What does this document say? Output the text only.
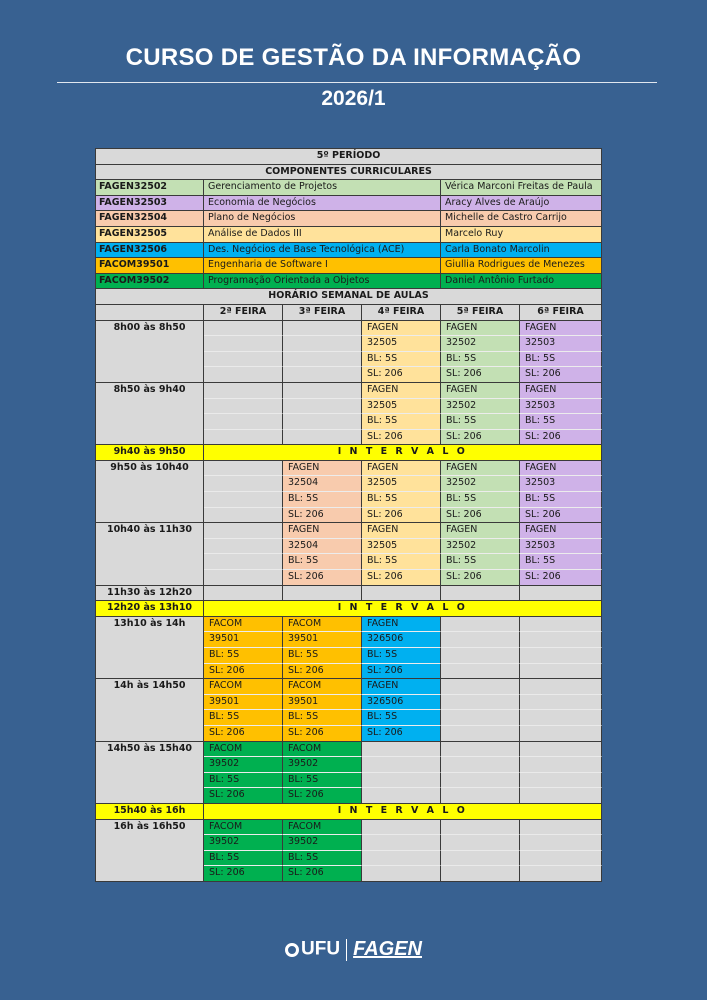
CURSO DE GESTÃO DA INFORMAÇÃO
2026/1
5º PERÍODO					
COMPONENTES CURRICULARES					
FAGEN32502	Gerenciamento de Projetos			Vérica Marconi Freitas de Paula	
FAGEN32503	Economia de Negócios			Aracy Alves de Araújo	
FAGEN32504	Plano de Negócios			Michelle de Castro Carrijo	
FAGEN32505	Análise de Dados III			Marcelo Ruy	
FAGEN32506	Des. Negócios de Base Tecnológica (ACE)			Carla Bonato Marcolin	
FACOM39501	Engenharia de Software I			Giullia Rodrigues de Menezes	
FACOM39502	Programação Orientada a Objetos			Daniel Antônio Furtado	
HORÁRIO SEMANAL DE AULAS					
	2ª FEIRA	3ª FEIRA	4ª FEIRA	5ª FEIRA	6ª FEIRA
8h00 às 8h50			FAGEN	FAGEN	FAGEN
			32505	32502	32503
			BL: 5S	BL: 5S	BL: 5S
			SL: 206	SL: 206	SL: 206
8h50 às 9h40			FAGEN	FAGEN	FAGEN
			32505	32502	32503
			BL: 5S	BL: 5S	BL: 5S
			SL: 206	SL: 206	SL: 206
9h40 às 9h50	I N T E R V A L O				
9h50 às 10h40		FAGEN	FAGEN	FAGEN	FAGEN
		32504	32505	32502	32503
		BL: 5S	BL: 5S	BL: 5S	BL: 5S
		SL: 206	SL: 206	SL: 206	SL: 206
10h40 às 11h30		FAGEN	FAGEN	FAGEN	FAGEN
		32504	32505	32502	32503
		BL: 5S	BL: 5S	BL: 5S	BL: 5S
		SL: 206	SL: 206	SL: 206	SL: 206
11h30 às 12h20					
12h20 às 13h10	I N T E R V A L O				
13h10 às 14h	FACOM	FACOM	FAGEN		
	39501	39501	326506		
	BL: 5S	BL: 5S	BL: 5S		
	SL: 206	SL: 206	SL: 206		
14h às 14h50	FACOM	FACOM	FAGEN		
	39501	39501	326506		
	BL: 5S	BL: 5S	BL: 5S		
	SL: 206	SL: 206	SL: 206		
14h50 às 15h40	FACOM	FACOM			
	39502	39502			
	BL: 5S	BL: 5S			
	SL: 206	SL: 206			
15h40 às 16h	I N T E R V A L O				
16h às 16h50	FACOM	FACOM			
	39502	39502			
	BL: 5S	BL: 5S			
	SL: 206	SL: 206			
UFU FAGEN
